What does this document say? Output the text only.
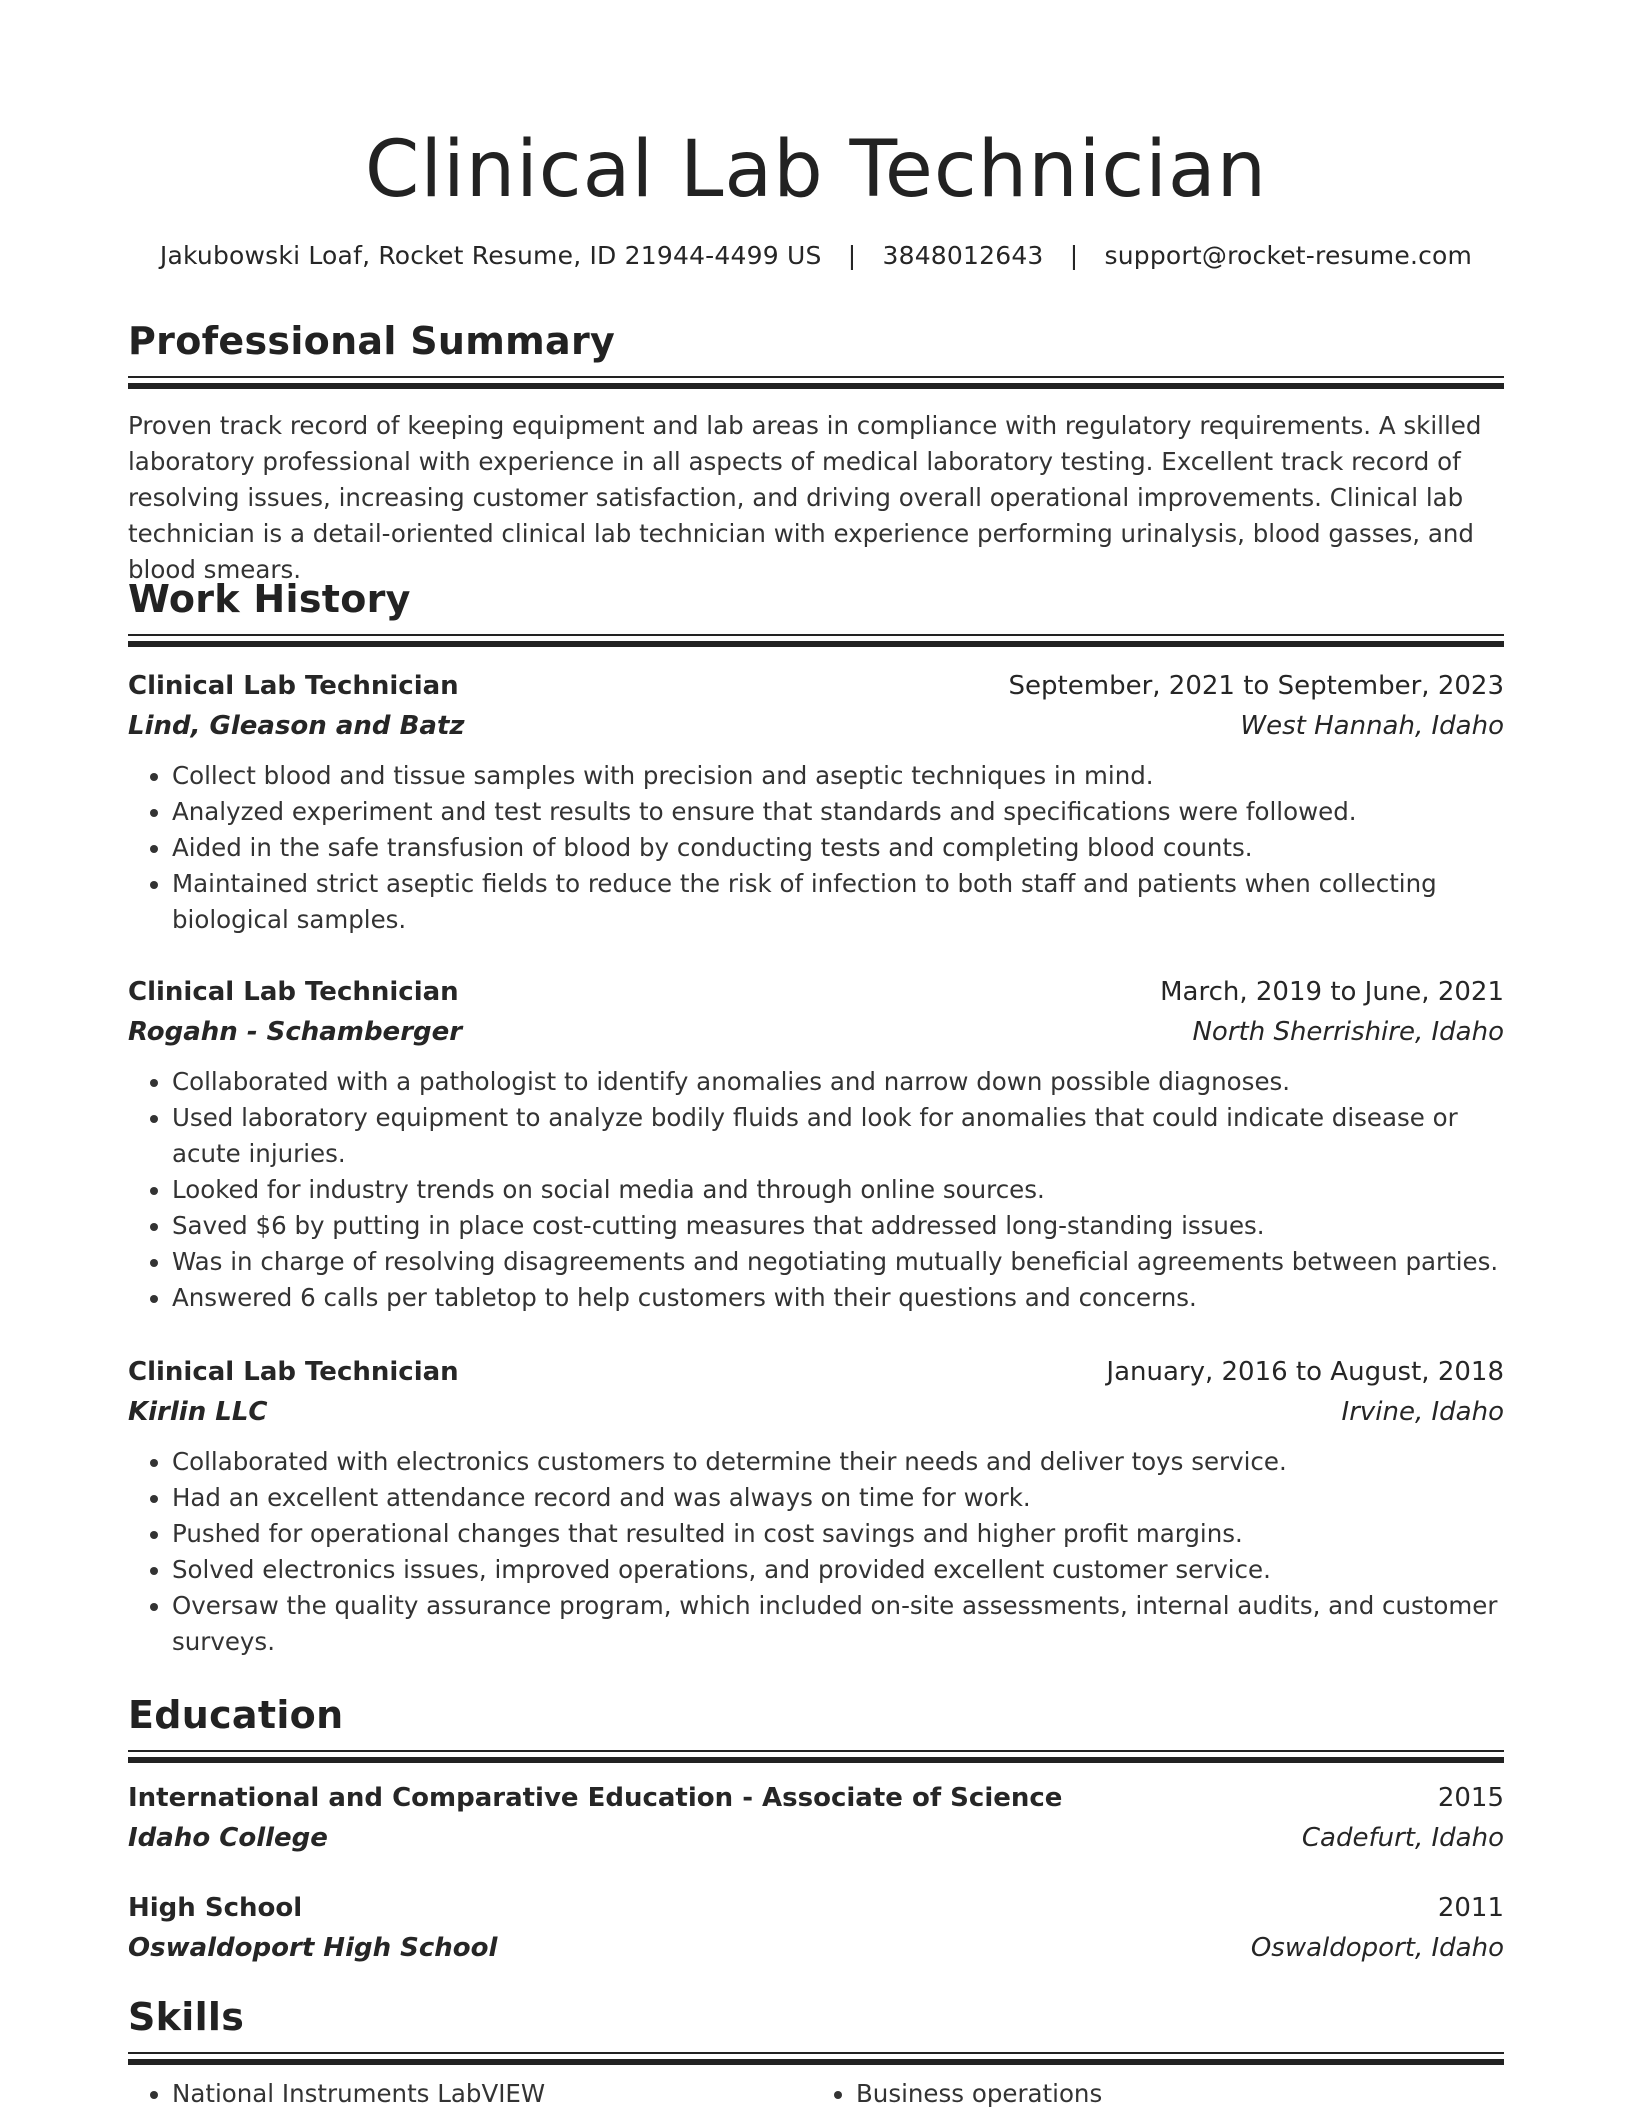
Clinical Lab Technician
Jakubowski Loaf, Rocket Resume, ID 21944-4499 US | 3848012643 | support@rocket-resume.com
Professional Summary

Proven track record of keeping equipment and lab areas in compliance with regulatory requirements. A skilled laboratory professional with experience in all aspects of medical laboratory testing. Excellent track record of resolving issues, increasing customer satisfaction, and driving overall operational improvements. Clinical lab technician is a detail-oriented clinical lab technician with experience performing urinalysis, blood gasses, and blood smears.

Work History
Clinical Lab Technician	September, 2021 to September, 2023
Lind, Gleason and Batz	West Hannah, Idaho
• Collect blood and tissue samples with precision and aseptic techniques in mind.
• Analyzed experiment and test results to ensure that standards and specifications were followed.
• Aided in the safe transfusion of blood by conducting tests and completing blood counts.
• Maintained strict aseptic fields to reduce the risk of infection to both staff and patients when collecting biological samples.
Clinical Lab Technician	March, 2019 to June, 2021
Rogahn - Schamberger	North Sherrishire, Idaho
• Collaborated with a pathologist to identify anomalies and narrow down possible diagnoses.
• Used laboratory equipment to analyze bodily fluids and look for anomalies that could indicate disease or acute injuries.
• Looked for industry trends on social media and through online sources.
• Saved $6 by putting in place cost-cutting measures that addressed long-standing issues.
• Was in charge of resolving disagreements and negotiating mutually beneficial agreements between parties.
• Answered 6 calls per tabletop to help customers with their questions and concerns.
Clinical Lab Technician	January, 2016 to August, 2018
Kirlin LLC	Irvine, Idaho
• Collaborated with electronics customers to determine their needs and deliver toys service.
• Had an excellent attendance record and was always on time for work.
• Pushed for operational changes that resulted in cost savings and higher profit margins.
• Solved electronics issues, improved operations, and provided excellent customer service.
• Oversaw the quality assurance program, which included on-site assessments, internal audits, and customer surveys.
Education
International and Comparative Education - Associate of Science	2015
Idaho College	Cadefurt, Idaho
High School	2011
Oswaldoport High School	Oswaldoport, Idaho
Skills
• National Instruments LabVIEW
•	Business operations
